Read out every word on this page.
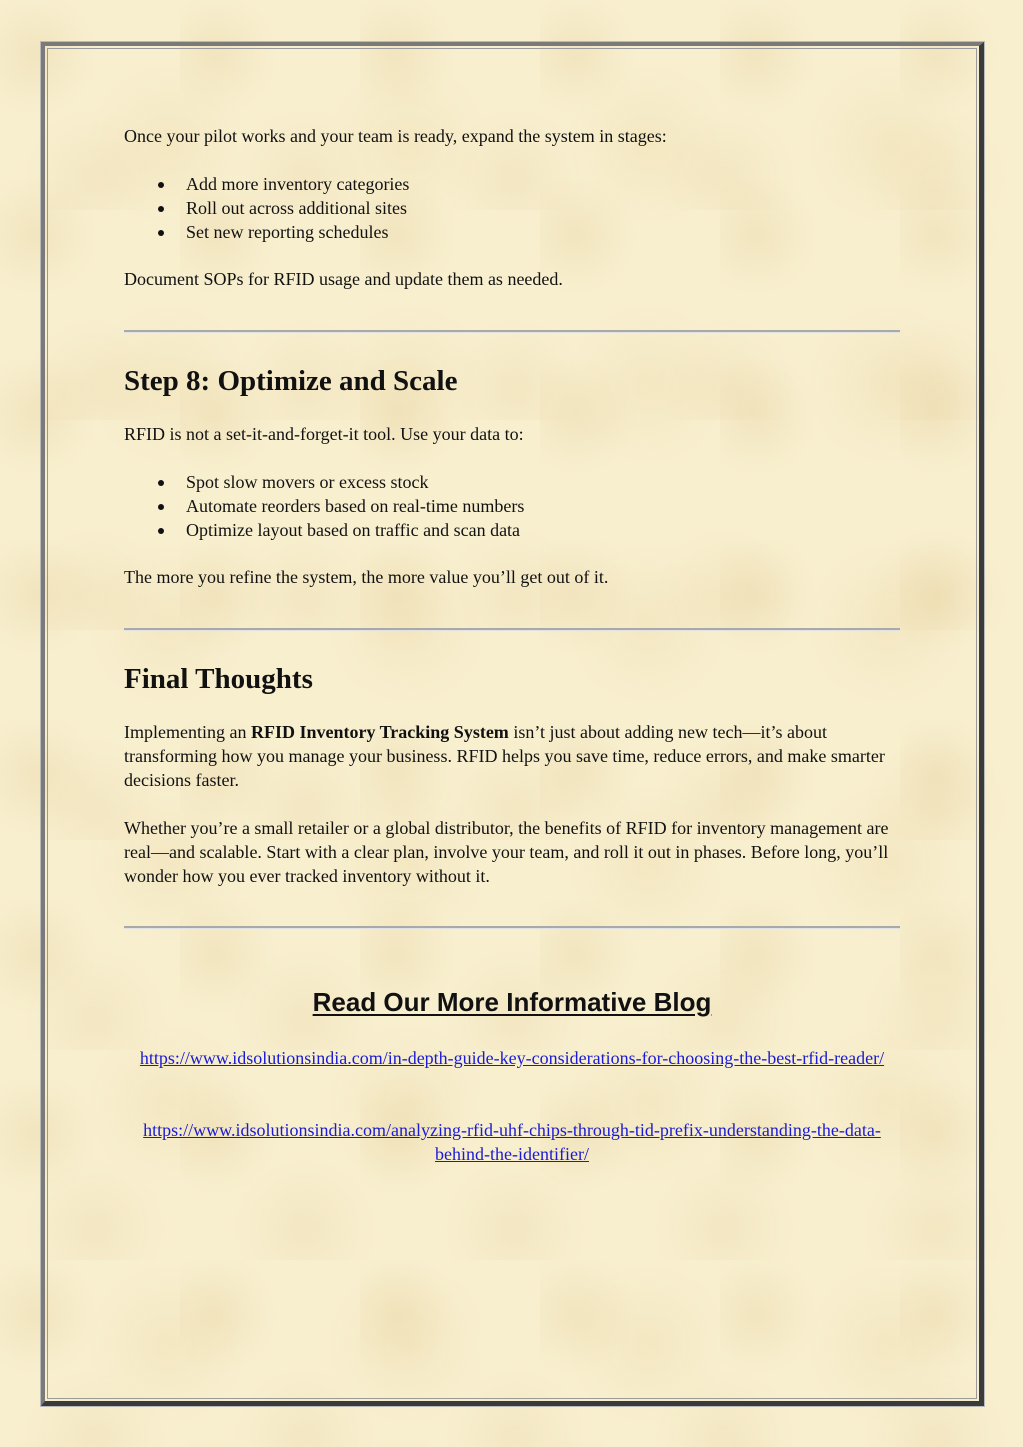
Once your pilot works and your team is ready, expand the system in stages:

Add more inventory categories
Roll out across additional sites
Set new reporting schedules

Document SOPs for RFID usage and update them as needed.

Step 8: Optimize and Scale

RFID is not a set-it-and-forget-it tool. Use your data to:

Spot slow movers or excess stock
Automate reorders based on real-time numbers
Optimize layout based on traffic and scan data

The more you refine the system, the more value you’ll get out of it.

Final Thoughts

Implementing an RFID Inventory Tracking System isn’t just about adding new tech—it’s about transforming how you manage your business. RFID helps you save time, reduce errors, and make smarter decisions faster.

Whether you’re a small retailer or a global distributor, the benefits of RFID for inventory management are real—and scalable. Start with a clear plan, involve your team, and roll it out in phases. Before long, you’ll wonder how you ever tracked inventory without it.

Read Our More Informative Blog

https://www.idsolutionsindia.com/in-depth-guide-key-considerations-for-choosing-the-best-rfid-reader/

https://www.idsolutionsindia.com/analyzing-rfid-uhf-chips-through-tid-prefix-understanding-the-data-behind-the-identifier/
